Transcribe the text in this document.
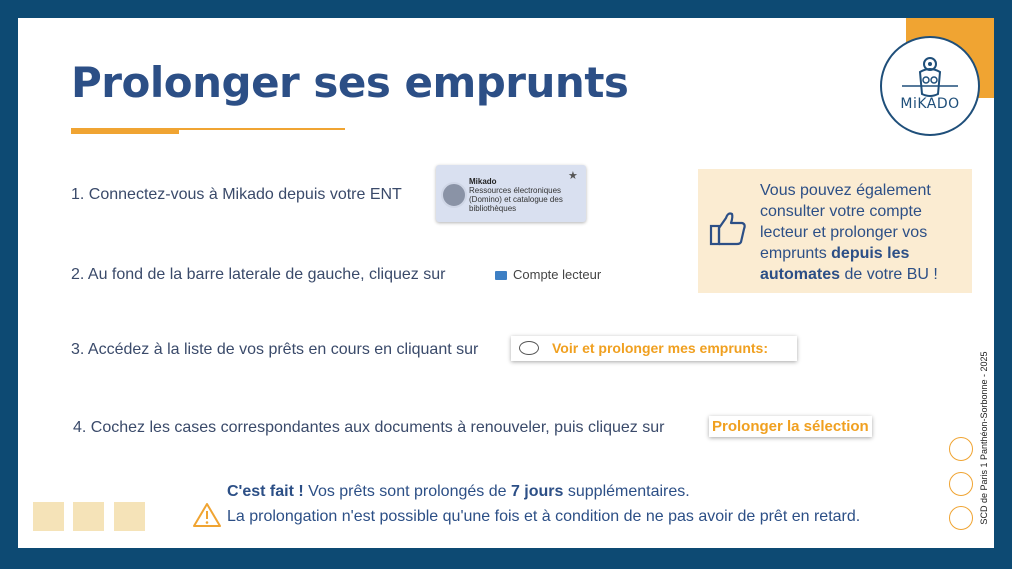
MiKADO
Prolonger ses emprunts
1. Connectez-vous à Mikado depuis votre ENT
2. Au fond de la barre laterale de gauche, cliquez sur
3. Accédez à la liste de vos prêts en cours en cliquant sur
4. Cochez les cases correspondantes aux documents à renouveler, puis cliquez sur
Mikado
Ressources électroniques (Domino) et catalogue des bibliothèques
★
Compte lecteur
Voir et prolonger mes emprunts:
Prolonger la sélection
Vous pouvez également consulter votre compte lecteur et prolonger vos emprunts depuis les automates de votre BU !
C'est fait ! Vos prêts sont prolongés de 7 jours supplémentaires.
La prolongation n'est possible qu'une fois et à condition de ne pas avoir de prêt en retard.	SCD de Paris 1 Panthéon-Sorbonne - 2025
